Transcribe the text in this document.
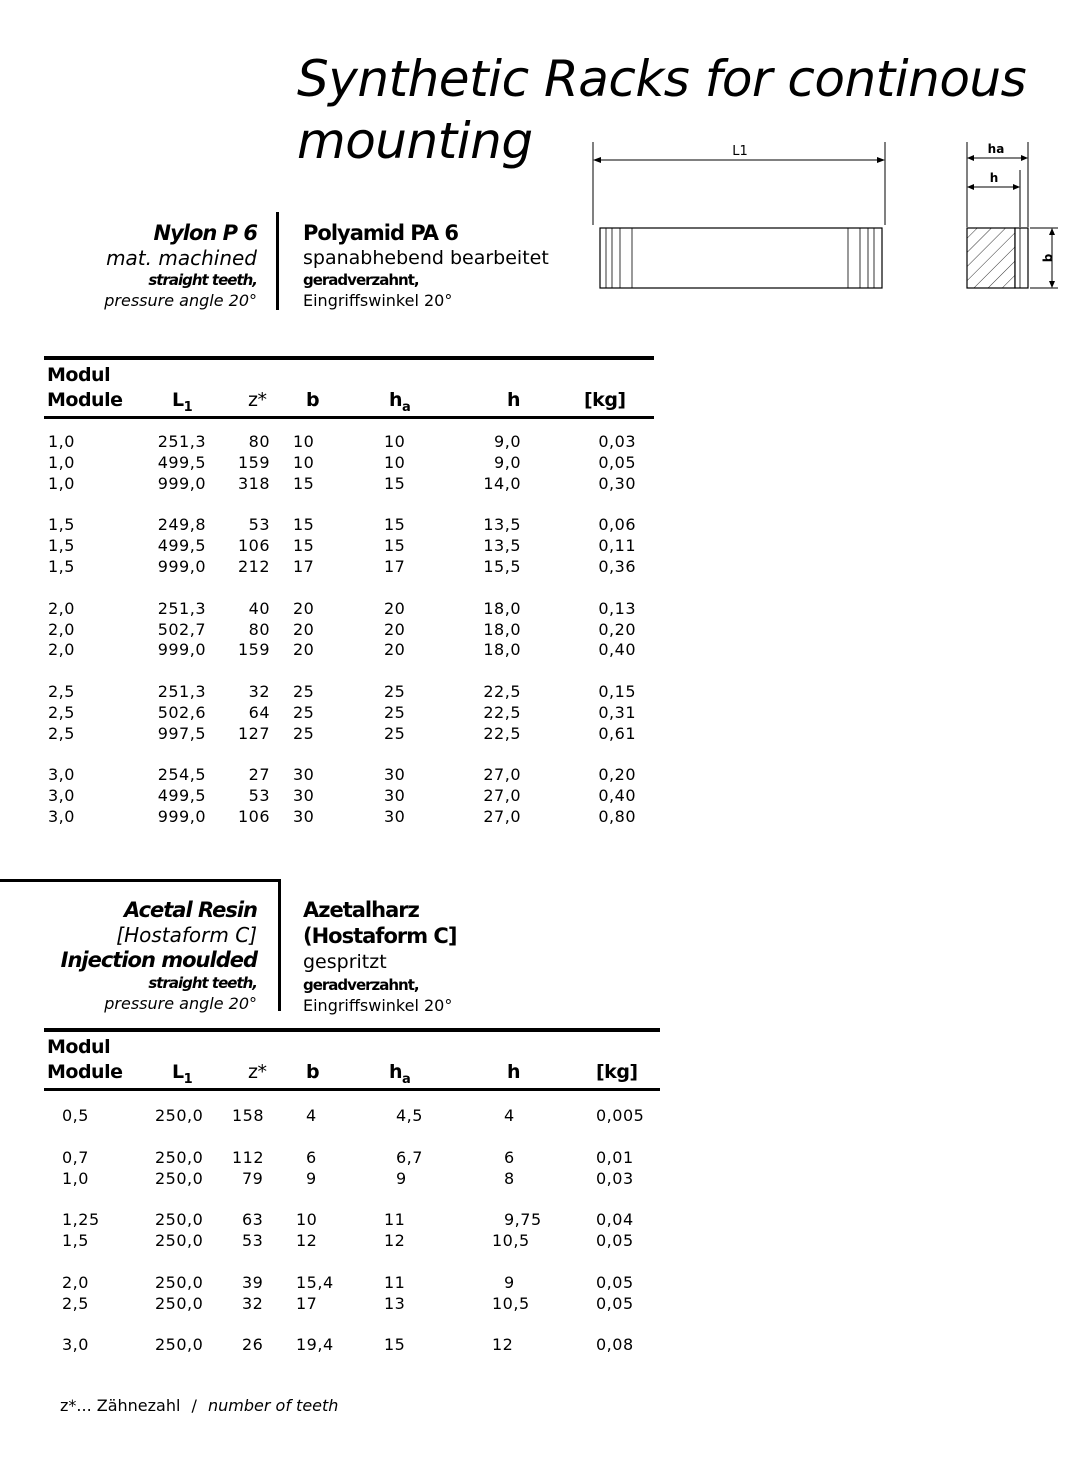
Synthetic Racks for continous
mounting	L1	ha
h
b
Nylon P 6
mat. machined
straight teeth,
pressure angle 20°
Polyamid PA 6
spanabhebend bearbeitet
geradverzahnt,
Eingriffswinkel 20°
Modul
Module	$L_1$	z* b	$h_a$	h	[kg]
1,0	251,3	80 10	10	9,0	0,03
1,0	499,5	159 10	10	9,0	0,05
1,0	999,0	318 15	15	14,0	0,30
1,5	249,8	53 15	15	13,5	0,06
1,5	499,5	106 15	15	13,5	0,11
1,5	999,0	212 17	17	15,5	0,36
2,0	251,3	40 20	20	18,0	0,13
2,0	502,7	80 20	20	18,0	0,20
2,0	999,0	159 20	20	18,0	0,40
2,5	251,3	32 25	25	22,5	0,15
2,5	502,6	64 25	25	22,5	0,31
2,5	997,5	127 25	25	22,5	0,61
3,0	254,5	27 30	30	27,0	0,20
3,0	499,5	53 30	30	27,0	0,40
3,0	999,0	106 30	30	27,0	0,80
Acetal Resin
[Hostaform C]
Injection moulded
straight teeth,
pressure angle 20°
Azetalharz
(Hostaform C]
gespritzt
geradverzahnt,
Eingriffswinkel 20°
Modul
Module	$L_1$	z* b	$h_a$	h	[kg]
0,5	250,0 158	4	4,5	4	0,005
0,7	250,0 112	6	6,7	6	0,01
1,0	250,0 79	9	9	8	0,03
1,25	250,0 63 10	11	9,75	0,04
1,5	250,0 53 12	12	10,5	0,05
2,0	250,0 39 15,4	11	9	0,05
2,5	250,0 32 17	13	10,5	0,05
3,0	250,0 26 19,4	15	12	0,08
z*... Zähnezahl / number of teeth
